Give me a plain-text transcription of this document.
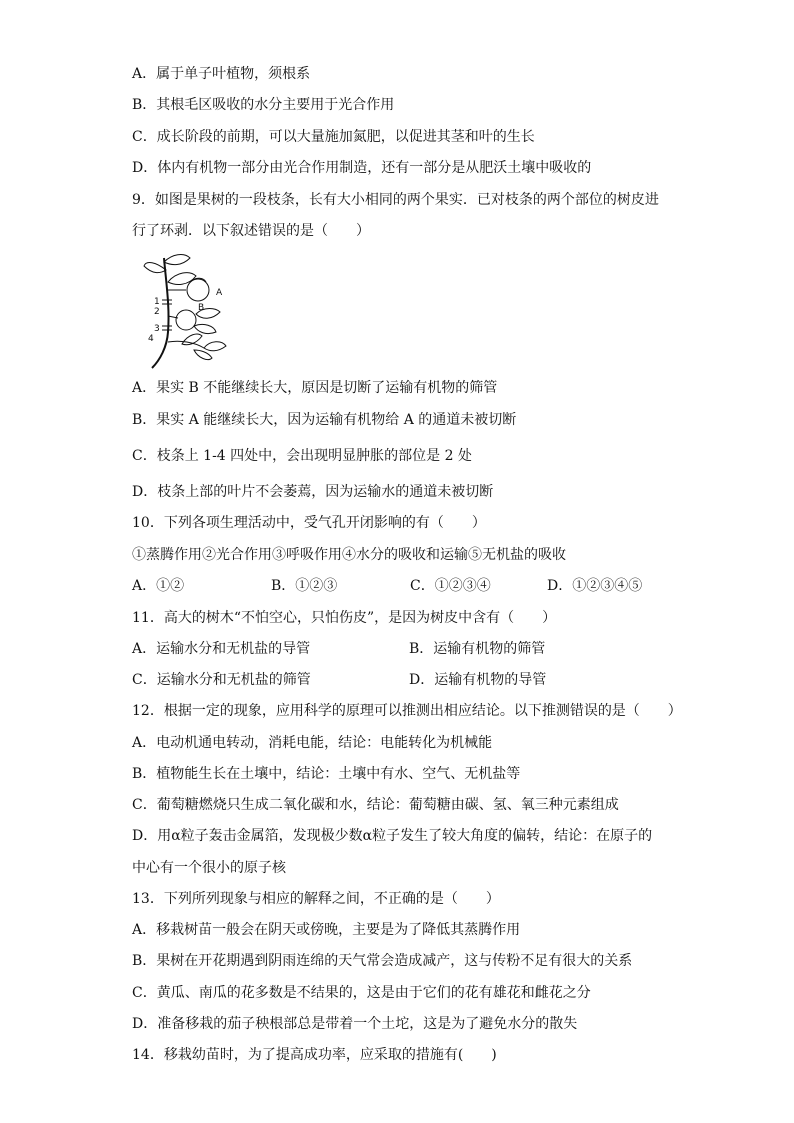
A．属于单子叶植物，须根系
B．其根毛区吸收的水分主要用于光合作用
C．成长阶段的前期，可以大量施加氮肥，以促进其茎和叶的生长
D．体内有机物一部分由光合作用制造，还有一部分是从肥沃土壤中吸收的
9．如图是果树的一段枝条，长有大小相同的两个果实．已对枝条的两个部位的树皮进
行了环剥．以下叙述错误的是（　　）
A
B
1
2
3
4
A．果实 B 不能继续长大，原因是切断了运输有机物的筛管
B．果实 A 能继续长大，因为运输有机物给 A 的通道未被切断
C．枝条上 1-4 四处中，会出现明显肿胀的部位是 2 处
D．枝条上部的叶片不会萎蔫，因为运输水的通道未被切断
10．下列各项生理活动中，受气孔开闭影响的有（　　）
①蒸腾作用②光合作用③呼吸作用④水分的吸收和运输⑤无机盐的吸收
A．①②	B．①②③	C．①②③④	D．①②③④⑤
11．高大的树木“不怕空心，只怕伤皮”，是因为树皮中含有（　　）
A．运输水分和无机盐的导管	B．运输有机物的筛管
C．运输水分和无机盐的筛管	D．运输有机物的导管
12．根据一定的现象，应用科学的原理可以推测出相应结论。以下推测错误的是（　　）
A．电动机通电转动，消耗电能，结论：电能转化为机械能
B．植物能生长在土壤中，结论：土壤中有水、空气、无机盐等
C．葡萄糖燃烧只生成二氧化碳和水，结论：葡萄糖由碳、氢、氧三种元素组成
D．用α粒子轰击金属箔，发现极少数α粒子发生了较大角度的偏转，结论：在原子的
中心有一个很小的原子核
13．下列所列现象与相应的解释之间，不正确的是（　　）
A．移栽树苗一般会在阴天或傍晚，主要是为了降低其蒸腾作用
B．果树在开花期遇到阴雨连绵的天气常会造成减产，这与传粉不足有很大的关系
C．黄瓜、南瓜的花多数是不结果的，这是由于它们的花有雄花和雌花之分
D．准备移栽的茄子秧根部总是带着一个土坨，这是为了避免水分的散失
14．移栽幼苗时，为了提高成功率，应采取的措施有(　　)
